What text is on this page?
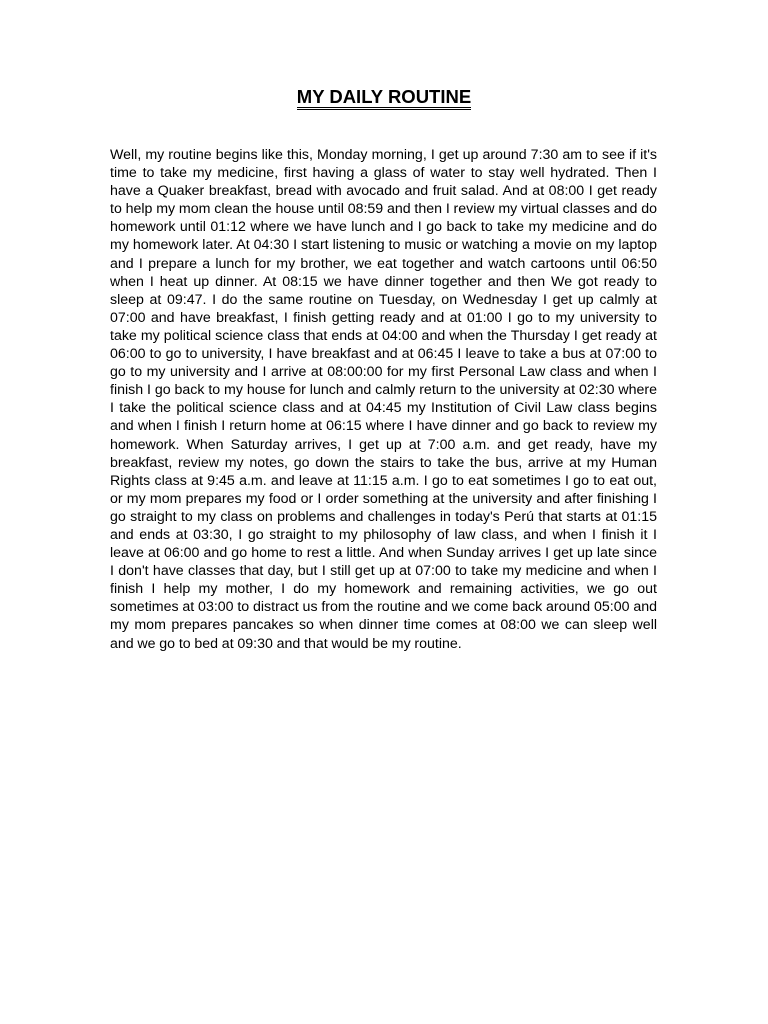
MY DAILY ROUTINE

Well, my routine begins like this, Monday morning, I get up around 7:30 am to see if it's time to take my medicine, first having a glass of water to stay well hydrated. Then I have a Quaker breakfast, bread with avocado and fruit salad. And at 08:00 I get ready to help my mom clean the house until 08:59 and then I review my virtual classes and do homework until 01:12 where we have lunch and I go back to take my medicine and do my homework later. At 04:30 I start listening to music or watching a movie on my laptop and I prepare a lunch for my brother, we eat together and watch cartoons until 06:50 when I heat up dinner. At 08:15 we have dinner together and then We got ready to sleep at 09:47. I do the same routine on Tuesday, on Wednesday I get up calmly at 07:00 and have breakfast, I finish getting ready and at 01:00 I go to my university to take my political science class that ends at 04:00 and when the Thursday I get ready at 06:00 to go to university, I have breakfast and at 06:45 I leave to take a bus at 07:00 to go to my university and I arrive at 08:00:00 for my first Personal Law class and when I finish I go back to my house for lunch and calmly return to the university at 02:30 where I take the political science class and at 04:45 my Institution of Civil Law class begins and when I finish I return home at 06:15 where I have dinner and go back to review my homework. When Saturday arrives, I get up at 7:00 a.m. and get ready, have my breakfast, review my notes, go down the stairs to take the bus, arrive at my Human Rights class at 9:45 a.m. and leave at 11:15 a.m. I go to eat sometimes I go to eat out, or my mom prepares my food or I order something at the university and after finishing I go straight to my class on problems and challenges in today's Perú that starts at 01:15 and ends at 03:30, I go straight to my philosophy of law class, and when I finish it I leave at 06:00 and go home to rest a little. And when Sunday arrives I get up late since I don't have classes that day, but I still get up at 07:00 to take my medicine and when I finish I help my mother, I do my homework and remaining activities, we go out sometimes at 03:00 to distract us from the routine and we come back around 05:00 and my mom prepares pancakes so when dinner time comes at 08:00 we can sleep well and we go to bed at 09:30 and that would be my routine.
